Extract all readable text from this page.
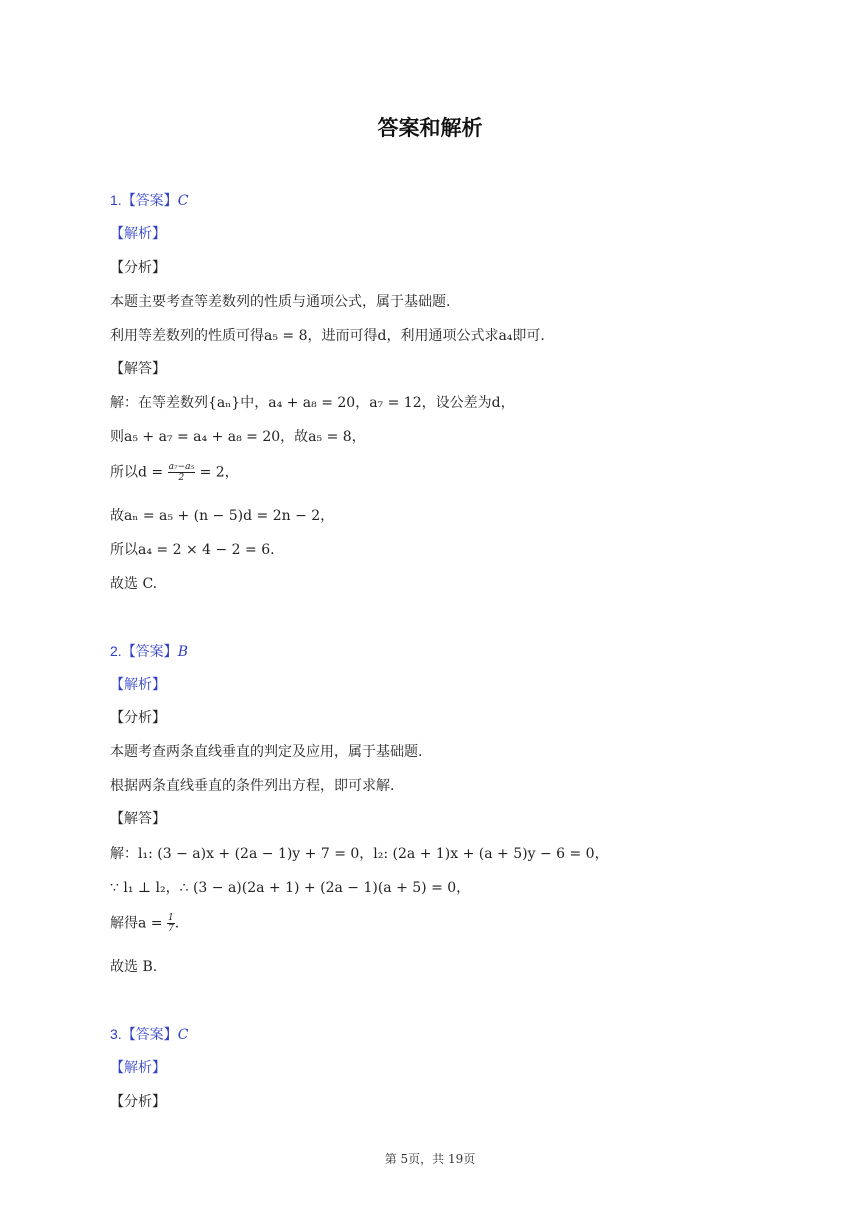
答案和解析
1.【答案】C
【解析】
【分析】
本题主要考查等差数列的性质与通项公式，属于基础题.
利用等差数列的性质可得a₅ = 8，进而可得d，利用通项公式求a₄即可.
【解答】
解：在等差数列{aₙ}中，a₄ + a₈ = 20，a₇ = 12，设公差为d，
则a₅ + a₇ = a₄ + a₈ = 20，故a₅ = 8，
所以$d = \frac{\text{a₇−a₅}}{2} = 2$，
故aₙ = a₅ + (n − 5)d = 2n − 2，
所以a₄ = 2 × 4 − 2 = 6.
故选 C.
2.【答案】B
【解析】
【分析】
本题考查两条直线垂直的判定及应用，属于基础题.
根据两条直线垂直的条件列出方程，即可求解.
【解答】
解：l₁: (3 − a)x + (2a − 1)y + 7 = 0，l₂: (2a + 1)x + (a + 5)y − 6 = 0，
∵ l₁ ⊥ l₂，∴ (3 − a)(2a + 1) + (2a − 1)(a + 5) = 0，
解得$a = \frac{1}{7}$ .
故选 B.
3.【答案】C
【解析】
【分析】
第 5页，共 19页
